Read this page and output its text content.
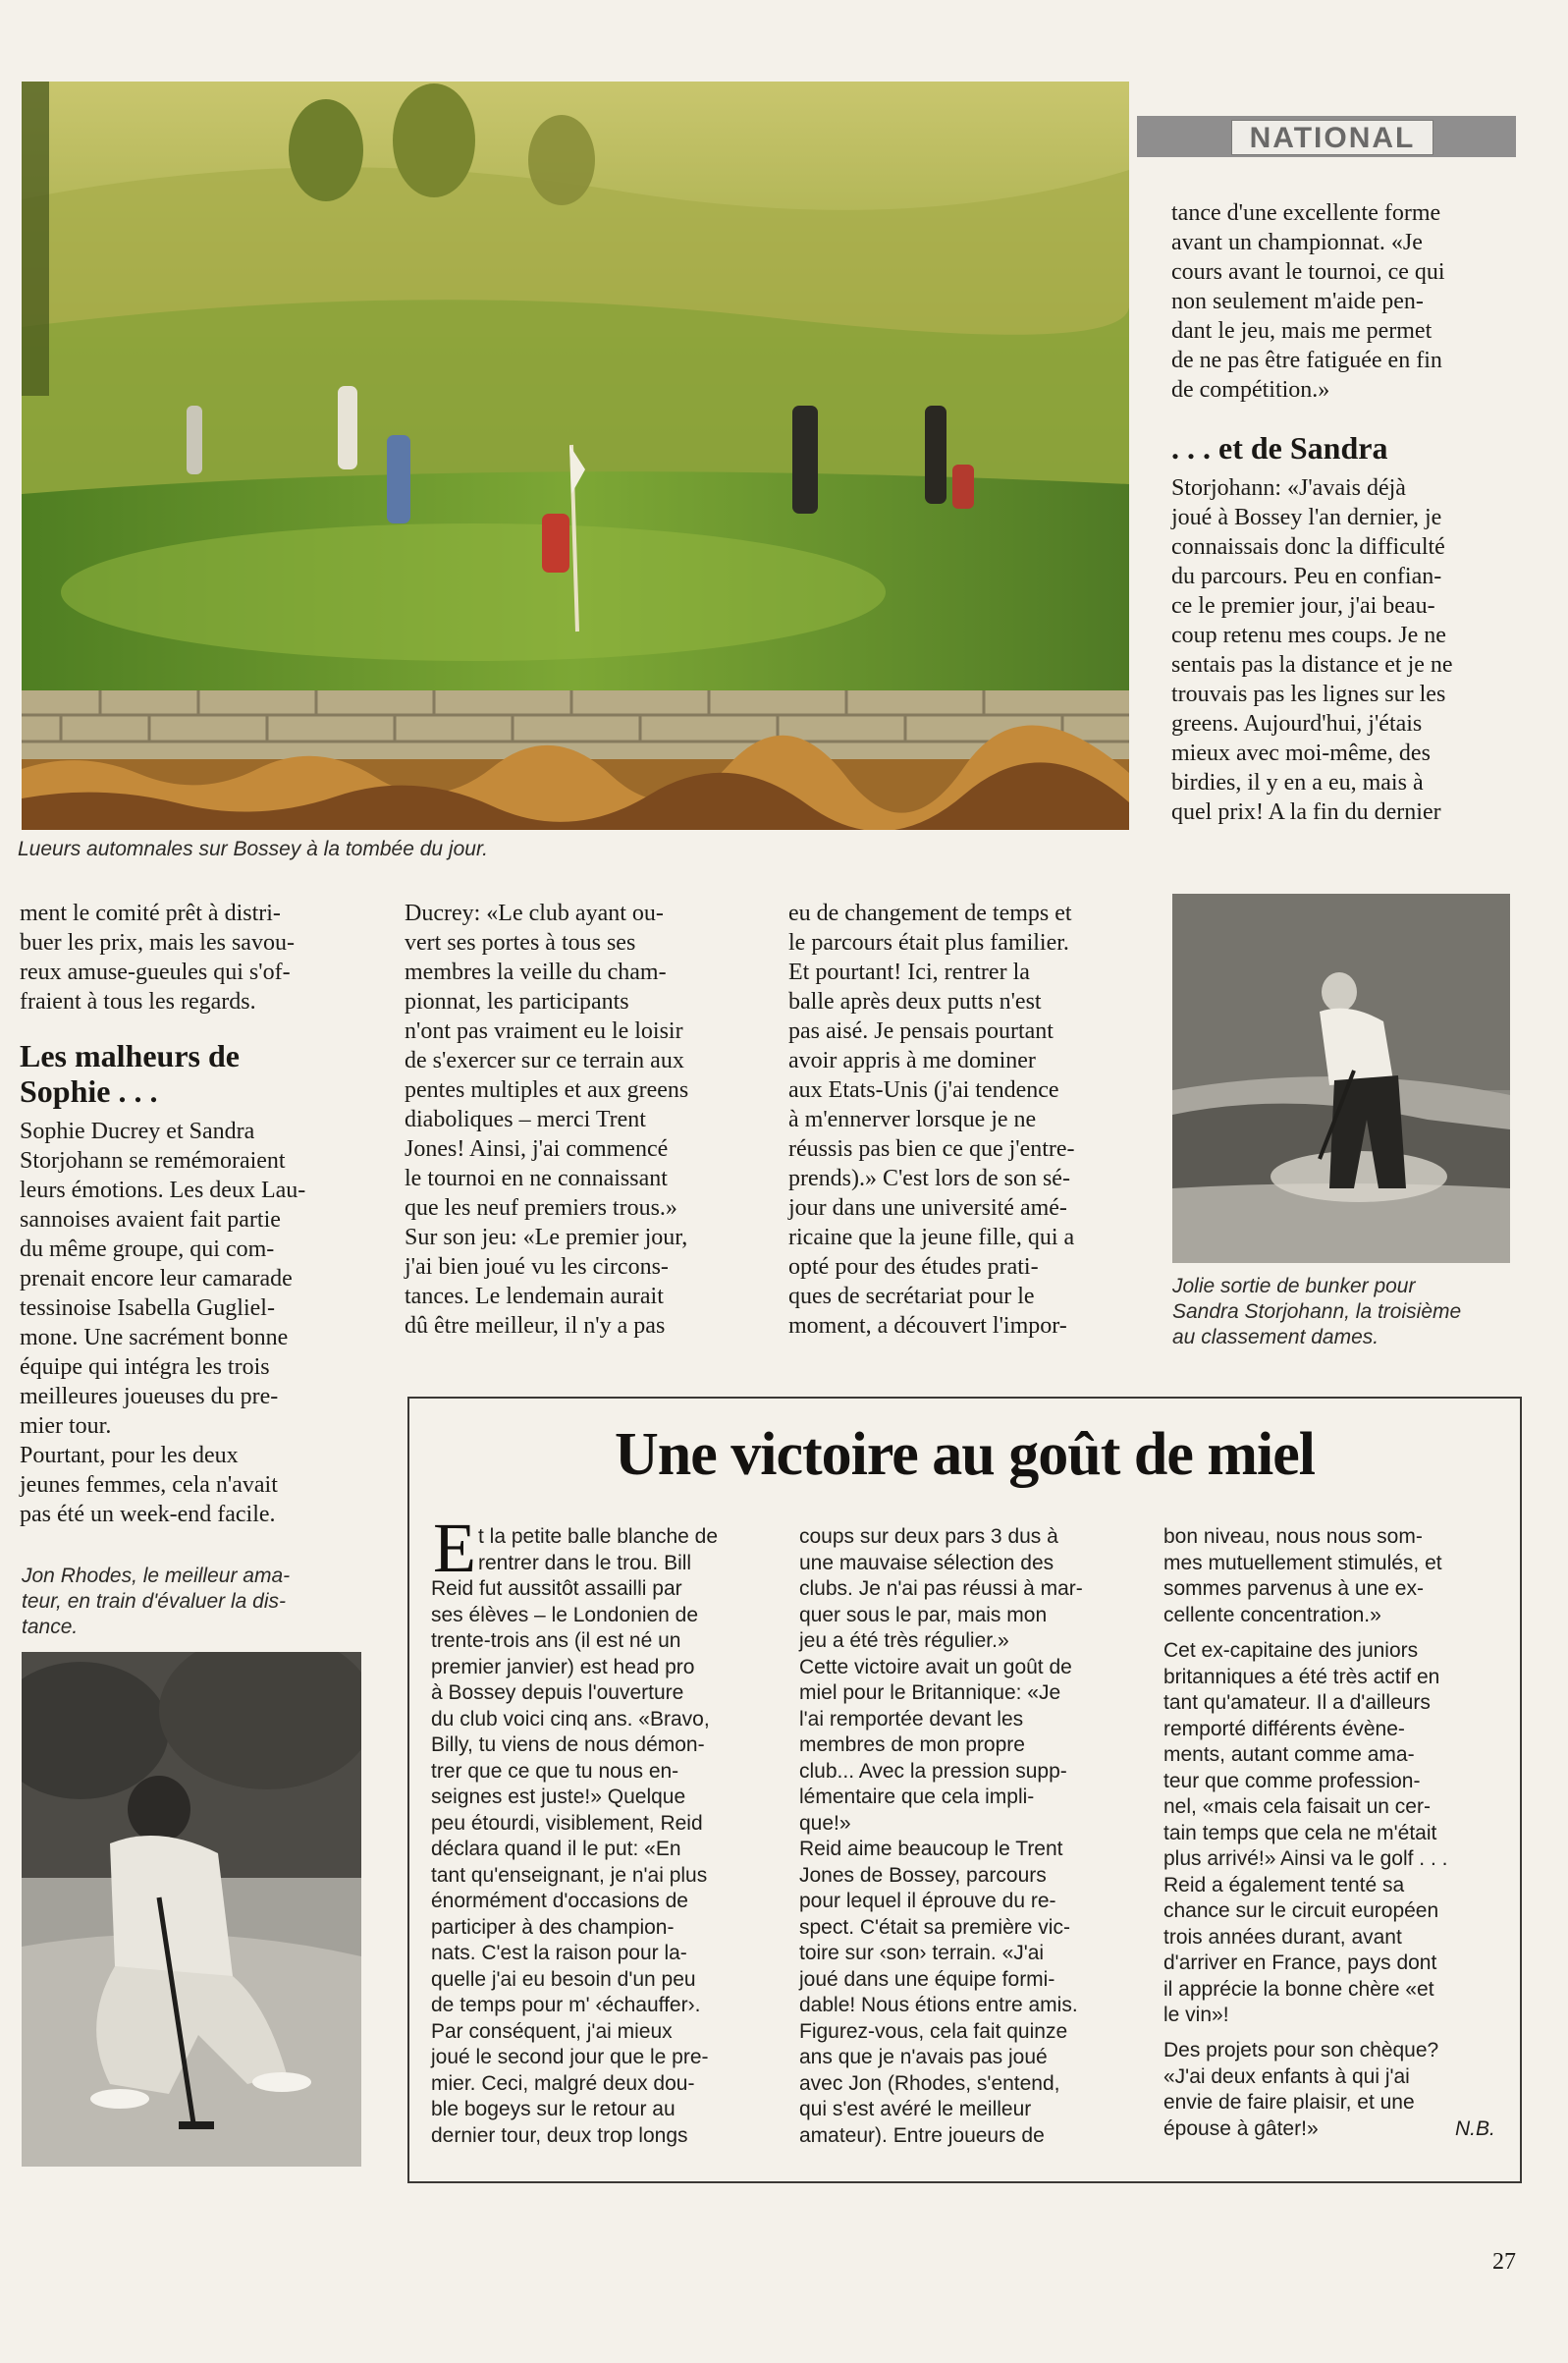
Lueurs automnales sur Bossey à la tombée du jour.
NATIONAL
tance d'une excellente forme
avant un championnat. «Je
cours avant le tournoi, ce qui
non seulement m'aide pen-
dant le jeu, mais me permet
de ne pas être fatiguée en fin
de compétition.»
. . . et de Sandra
Storjohann: «J'avais déjà
joué à Bossey l'an dernier, je
connaissais donc la difficulté
du parcours. Peu en confian-
ce le premier jour, j'ai beau-
coup retenu mes coups. Je ne
sentais pas la distance et je ne
trouvais pas les lignes sur les
greens. Aujourd'hui, j'étais
mieux avec moi-même, des
birdies, il y en a eu, mais à
quel prix! A la fin du dernier
ment le comité prêt à distri-
buer les prix, mais les savou-
reux amuse-gueules qui s'of-
fraient à tous les regards.
Les malheurs de
Sophie . . .
Sophie Ducrey et Sandra
Storjohann se remémoraient
leurs émotions. Les deux Lau-
sannoises avaient fait partie
du même groupe, qui com-
prenait encore leur camarade
tessinoise Isabella Gugliel-
mone. Une sacrément bonne
équipe qui intégra les trois
meilleures joueuses du pre-
mier tour.
Pourtant, pour les deux
jeunes femmes, cela n'avait
pas été un week-end facile.
Jon Rhodes, le meilleur ama-
teur, en train d'évaluer la dis-
tance.
Ducrey: «Le club ayant ou-
vert ses portes à tous ses
membres la veille du cham-
pionnat, les participants
n'ont pas vraiment eu le loisir
de s'exercer sur ce terrain aux
pentes multiples et aux greens
diaboliques – merci Trent
Jones! Ainsi, j'ai commencé
le tournoi en ne connaissant
que les neuf premiers trous.»
Sur son jeu: «Le premier jour,
j'ai bien joué vu les circons-
tances. Le lendemain aurait
dû être meilleur, il n'y a pas
eu de changement de temps et
le parcours était plus familier.
Et pourtant! Ici, rentrer la
balle après deux putts n'est
pas aisé. Je pensais pourtant
avoir appris à me dominer
aux Etats-Unis (j'ai tendence
à m'ennerver lorsque je ne
réussis pas bien ce que j'entre-
prends).» C'est lors de son sé-
jour dans une université amé-
ricaine que la jeune fille, qui a
opté pour des études prati-
ques de secrétariat pour le
moment, a découvert l'impor-
Jolie sortie de bunker pour
Sandra Storjohann, la troisième
au classement dames.
Une victoire au goût de miel
E t la petite balle blanche de
rentrer dans le trou. Bill
Reid fut aussitôt assailli par
ses élèves – le Londonien de
trente-trois ans (il est né un
premier janvier) est head pro
à Bossey depuis l'ouverture
du club voici cinq ans. «Bravo,
Billy, tu viens de nous démon-
trer que ce que tu nous en-
seignes est juste!» Quelque
peu étourdi, visiblement, Reid
déclara quand il le put: «En
tant qu'enseignant, je n'ai plus
énormément d'occasions de
participer à des champion-
nats. C'est la raison pour la-
quelle j'ai eu besoin d'un peu
de temps pour m' ‹échauffer›.
Par conséquent, j'ai mieux
joué le second jour que le pre-
mier. Ceci, malgré deux dou-
ble bogeys sur le retour au
dernier tour, deux trop longs
coups sur deux pars 3 dus à
une mauvaise sélection des
clubs. Je n'ai pas réussi à mar-
quer sous le par, mais mon
jeu a été très régulier.»
Cette victoire avait un goût de
miel pour le Britannique: «Je
l'ai remportée devant les
membres de mon propre
club... Avec la pression supp-
lémentaire que cela impli-
que!»
Reid aime beaucoup le Trent
Jones de Bossey, parcours
pour lequel il éprouve du re-
spect. C'était sa première vic-
toire sur ‹son› terrain. «J'ai
joué dans une équipe formi-
dable! Nous étions entre amis.
Figurez-vous, cela fait quinze
ans que je n'avais pas joué
avec Jon (Rhodes, s'entend,
qui s'est avéré le meilleur
amateur). Entre joueurs de
bon niveau, nous nous som-
mes mutuellement stimulés, et
sommes parvenus à une ex-
cellente concentration.»
Cet ex-capitaine des juniors
britanniques a été très actif en
tant qu'amateur. Il a d'ailleurs
remporté différents évène-
ments, autant comme ama-
teur que comme profession-
nel, «mais cela faisait un cer-
tain temps que cela ne m'était
plus arrivé!» Ainsi va le golf . . .
Reid a également tenté sa
chance sur le circuit européen
trois années durant, avant
d'arriver en France, pays dont
il apprécie la bonne chère «et
le vin»!
Des projets pour son chèque?
«J'ai deux enfants à qui j'ai
envie de faire plaisir, et une
épouse à gâter!»	N.B.
27
